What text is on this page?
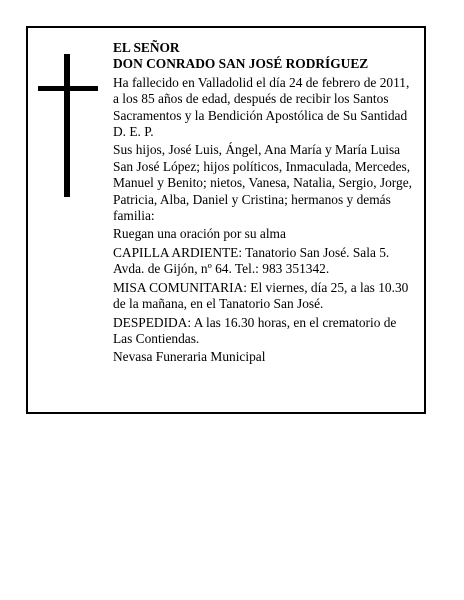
EL SEÑOR
DON CONRADO SAN JOSÉ RODRÍGUEZ
Ha fallecido en Valladolid el día 24 de febrero de 2011,
a los 85 años de edad, después de recibir los Santos
Sacramentos y la Bendición Apostólica de Su Santidad
D. E. P.
Sus hijos, José Luis, Ángel, Ana María y María Luisa
San José López; hijos políticos, Inmaculada, Mercedes,
Manuel y Benito; nietos, Vanesa, Natalia, Sergio, Jorge,
Patricia, Alba, Daniel y Cristina; hermanos y demás
familia:
Ruegan una oración por su alma
CAPILLA ARDIENTE: Tanatorio San José. Sala 5.
Avda. de Gijón, nº 64. Tel.: 983 351342.
MISA COMUNITARIA: El viernes, día 25, a las 10.30
de la mañana, en el Tanatorio San José.
DESPEDIDA: A las 16.30 horas, en el crematorio de
Las Contiendas.
Nevasa Funeraria Municipal
